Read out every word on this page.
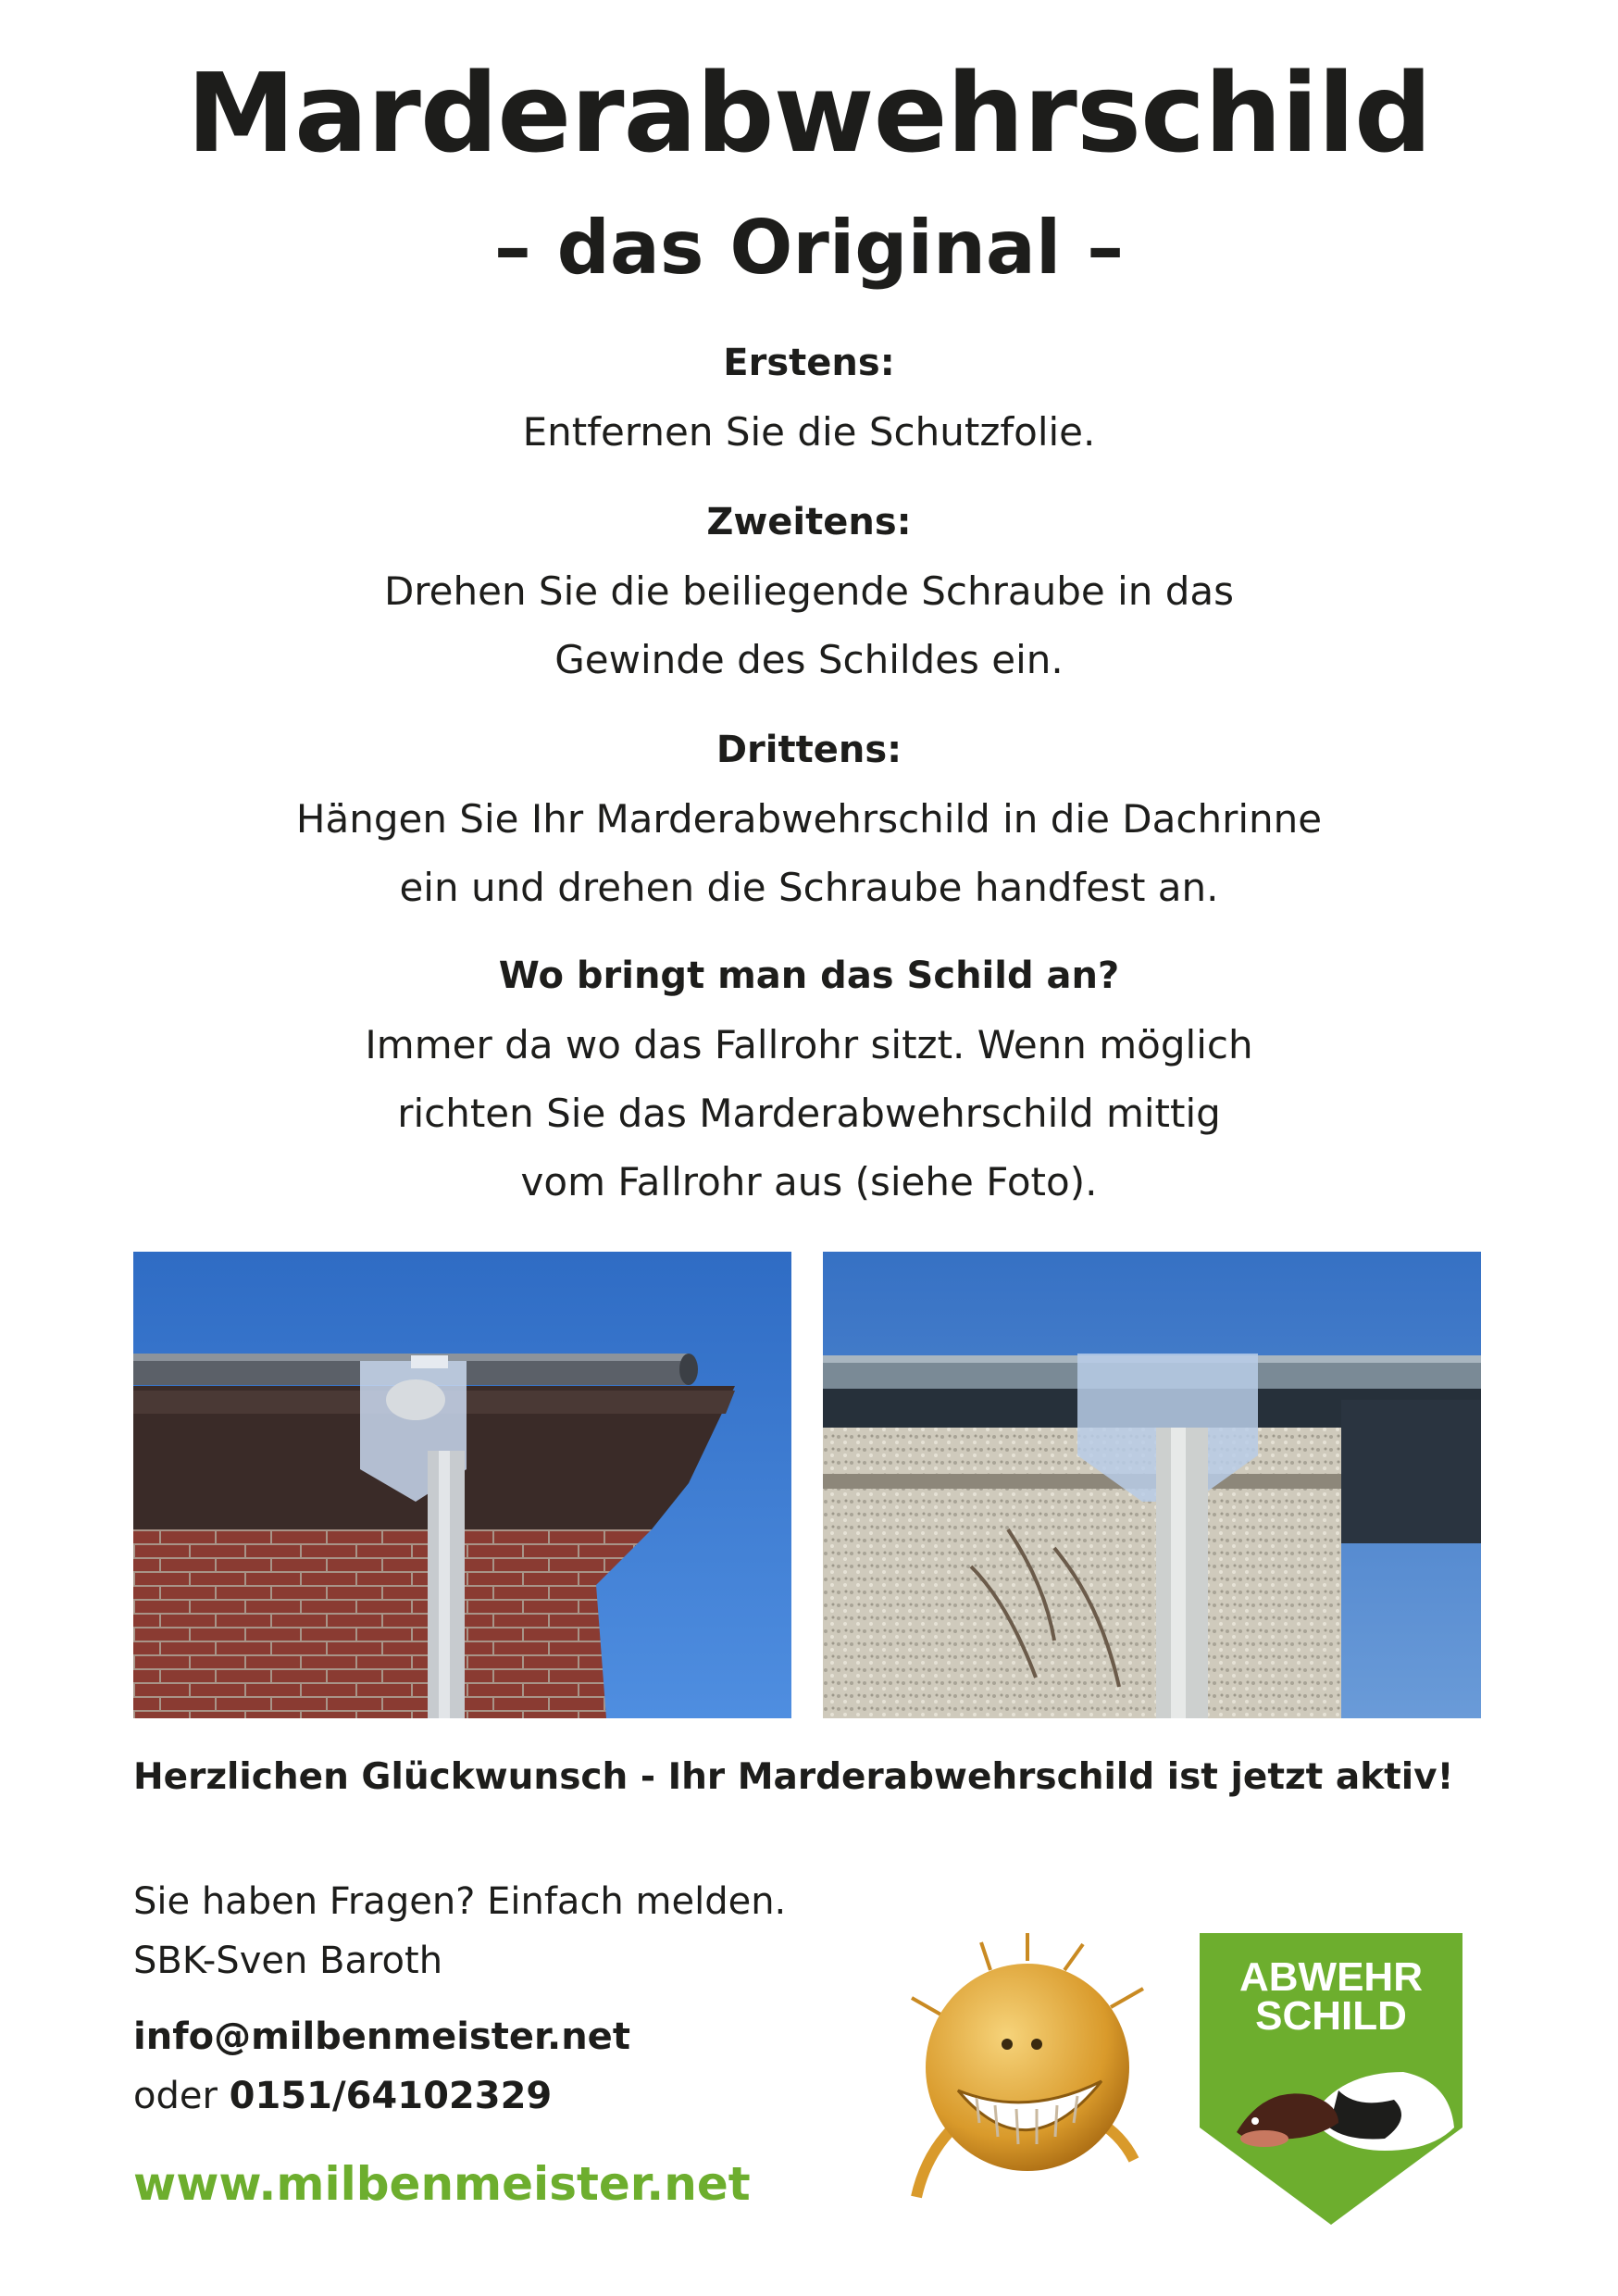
Marderabwehrschild
– das Original –
Erstens:
Entfernen Sie die Schutzfolie.
Zweitens:
Drehen Sie die beiliegende Schraube in das
Gewinde des Schildes ein.
Drittens:
Hängen Sie Ihr Marderabwehrschild in die Dachrinne
ein und drehen die Schraube handfest an.
Wo bringt man das Schild an?
Immer da wo das Fallrohr sitzt. Wenn möglich
richten Sie das Marderabwehrschild mittig
vom Fallrohr aus (siehe Foto).
Herzlichen Glückwunsch - Ihr Marderabwehrschild ist jetzt aktiv!
Sie haben Fragen? Einfach melden.
SBK-Sven Baroth
info@milbenmeister.net
oder 0151/64102329
www.milbenmeister.net
ABWEHR
SCHILD
